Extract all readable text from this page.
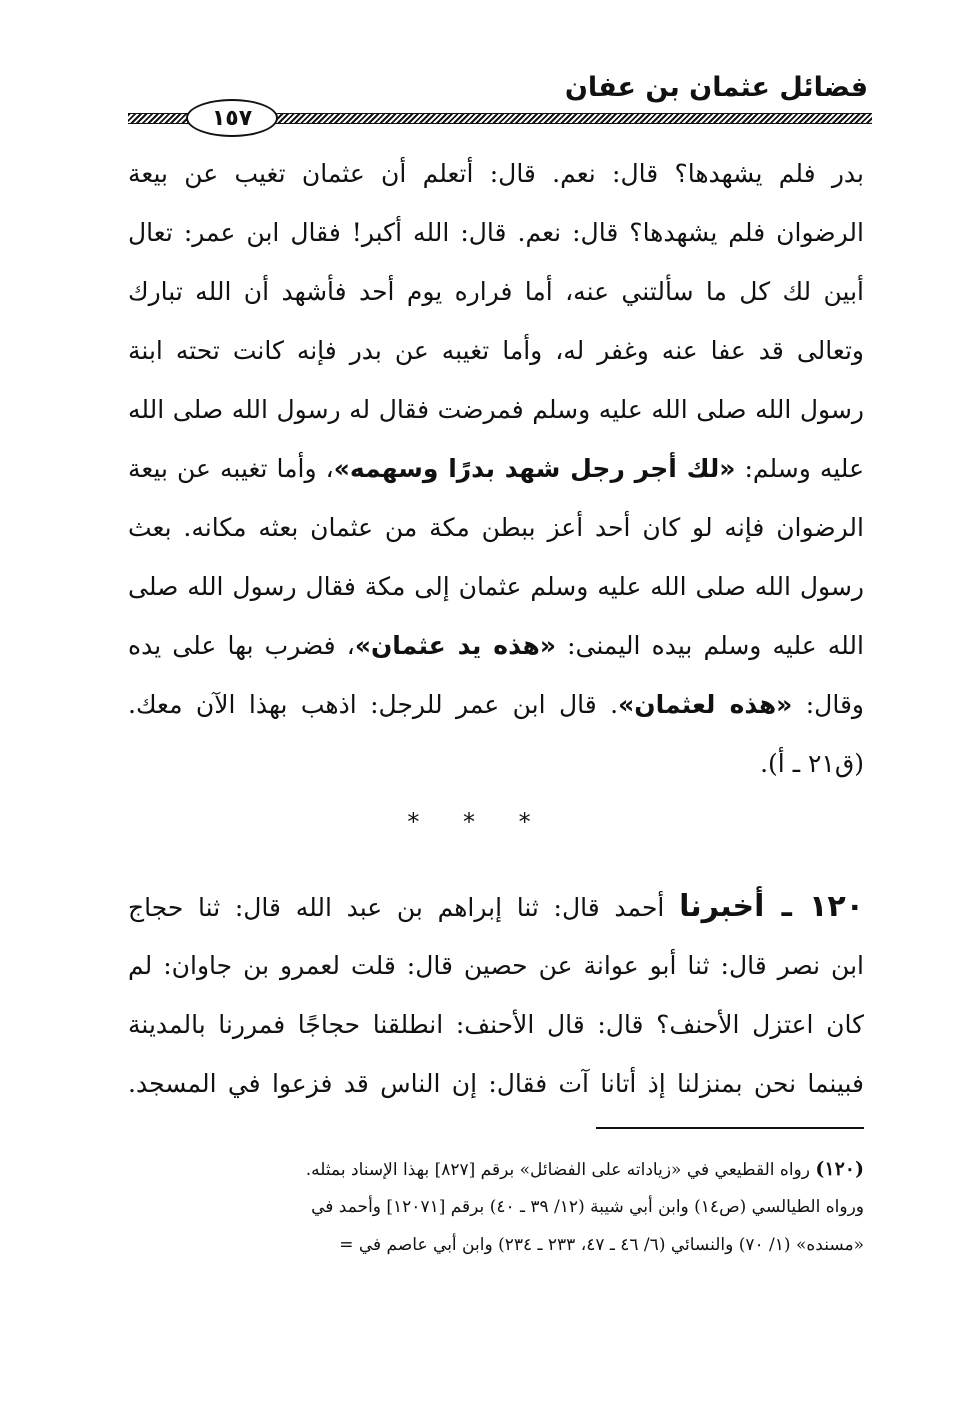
فضائل عثمان بن عفان
١٥٧
بدر فلم يشهدها؟ قال: نعم. قال: أتعلم أن عثمان تغيب عن بيعة
الرضوان فلم يشهدها؟ قال: نعم. قال: الله أكبر! فقال ابن عمر: تعال
أبين لك كل ما سألتني عنه، أما فراره يوم أحد فأشهد أن الله تبارك
وتعالى قد عفا عنه وغفر له، وأما تغيبه عن بدر فإنه كانت تحته ابنة
رسول الله صلى الله عليه وسلم فمرضت فقال له رسول الله صلى الله
عليه وسلم: «لك أجر رجل شهد بدرًا وسهمه»، وأما تغيبه عن بيعة
الرضوان فإنه لو كان أحد أعز ببطن مكة من عثمان بعثه مكانه. بعث
رسول الله صلى الله عليه وسلم عثمان إلى مكة فقال رسول الله صلى
الله عليه وسلم بيده اليمنى: «هذه يد عثمان»، فضرب بها على يده
وقال: «هذه لعثمان». قال ابن عمر للرجل: اذهب بهذا الآن معك.
(ق٢١ ـ أ).
* * *
١٢٠ ـ أخبرنا أحمد قال: ثنا إبراهم بن عبد الله قال: ثنا حجاج
ابن نصر قال: ثنا أبو عوانة عن حصين قال: قلت لعمرو بن جاوان: لم
كان اعتزل الأحنف؟ قال: قال الأحنف: انطلقنا حجاجًا فمررنا بالمدينة
فبينما نحن بمنزلنا إذ أتانا آت فقال: إن الناس قد فزعوا في المسجد.
(١٢٠) رواه القطيعي في «زياداته على الفضائل» برقم [٨٢٧] بهذا الإسناد بمثله.
ورواه الطيالسي (ص١٤) وابن أبي شيبة (١٢/ ٣٩ ـ ٤٠) برقم [١٢٠٧١] وأحمد في
«مسنده» (١/ ٧٠) والنسائي (٦/ ٤٦ ـ ٤٧، ٢٣٣ ـ ٢٣٤) وابن أبي عاصم في =
